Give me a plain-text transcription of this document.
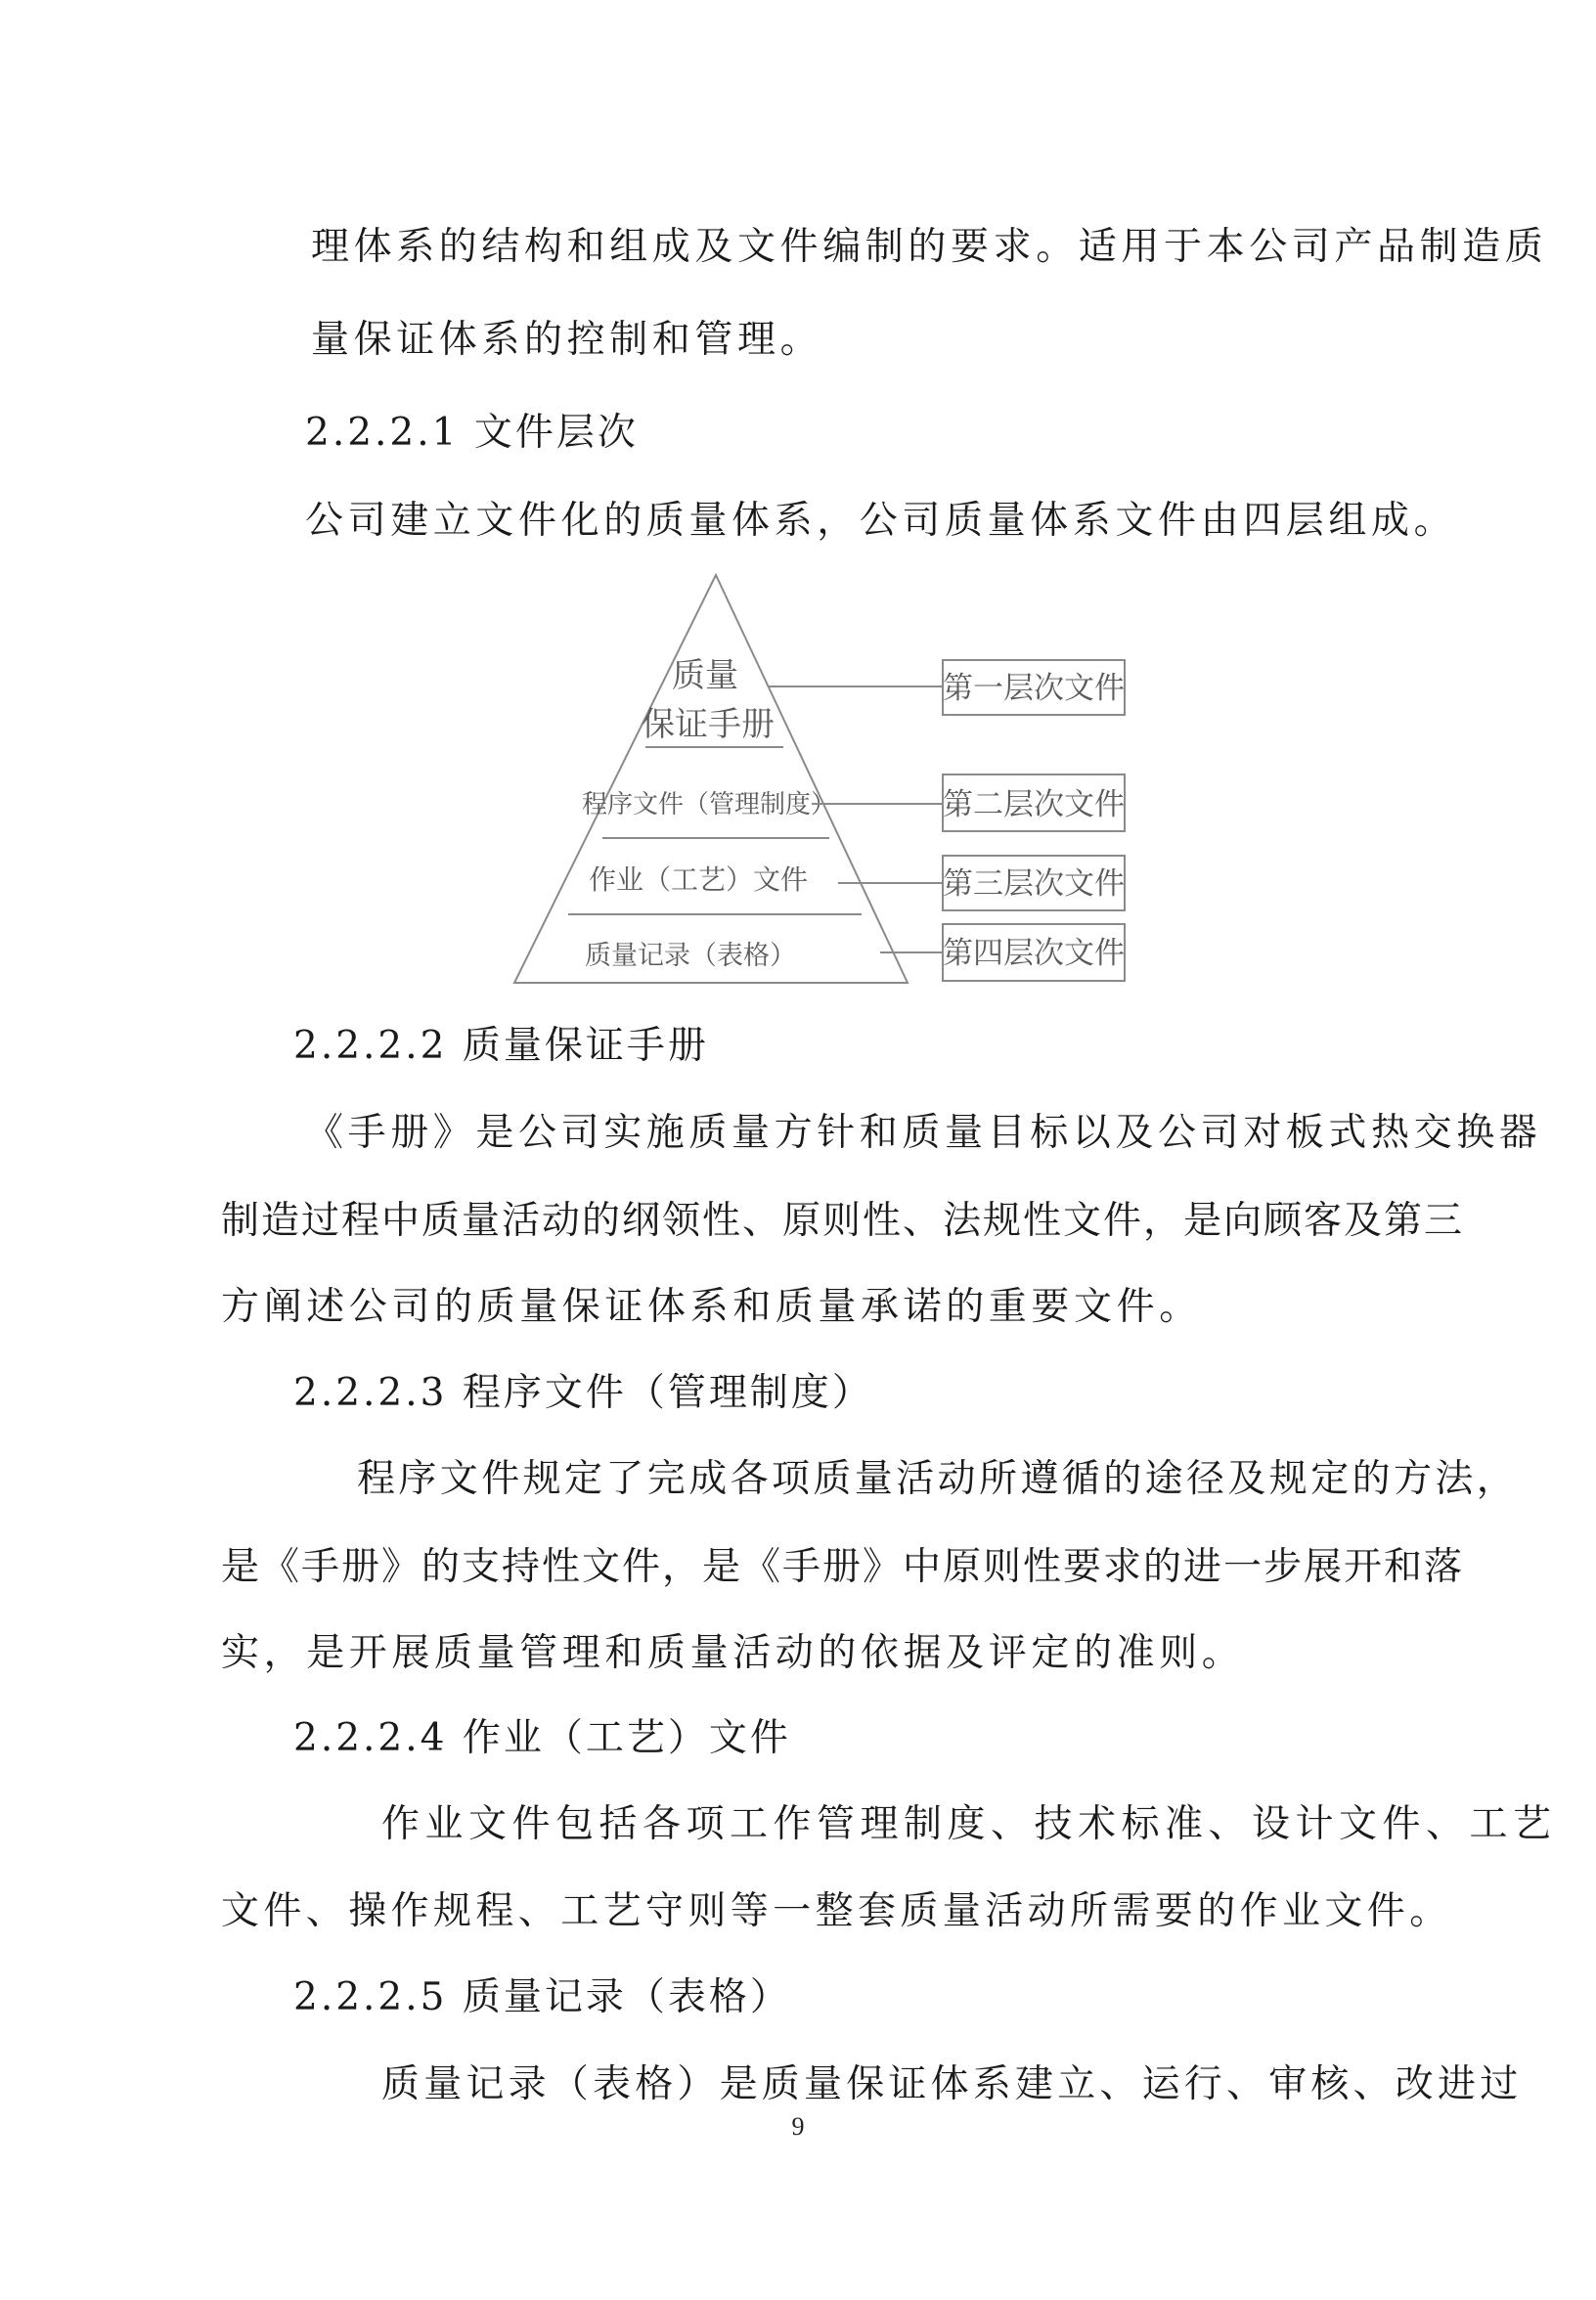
理体系的结构和组成及文件编制的要求。适用于本公司产品制造质
量保证体系的控制和管理。
2.2.2.1 文件层次
公司建立文件化的质量体系，公司质量体系文件由四层组成。
质量
保证手册
程序文件（管理制度）
作业（工艺）文件
质量记录（表格）
第一层次文件
第二层次文件
第三层次文件
第四层次文件
2.2.2.2 质量保证手册
《手册》是公司实施质量方针和质量目标以及公司对板式热交换器
制造过程中质量活动的纲领性、原则性、法规性文件，是向顾客及第三
方阐述公司的质量保证体系和质量承诺的重要文件。
2.2.2.3 程序文件（管理制度）
程序文件规定了完成各项质量活动所遵循的途径及规定的方法，
是《手册》的支持性文件，是《手册》中原则性要求的进一步展开和落
实，是开展质量管理和质量活动的依据及评定的准则。
2.2.2.4 作业（工艺）文件
作业文件包括各项工作管理制度、技术标准、设计文件、工艺
文件、操作规程、工艺守则等一整套质量活动所需要的作业文件。
2.2.2.5 质量记录（表格）
质量记录（表格）是质量保证体系建立、运行、审核、改进过
9
